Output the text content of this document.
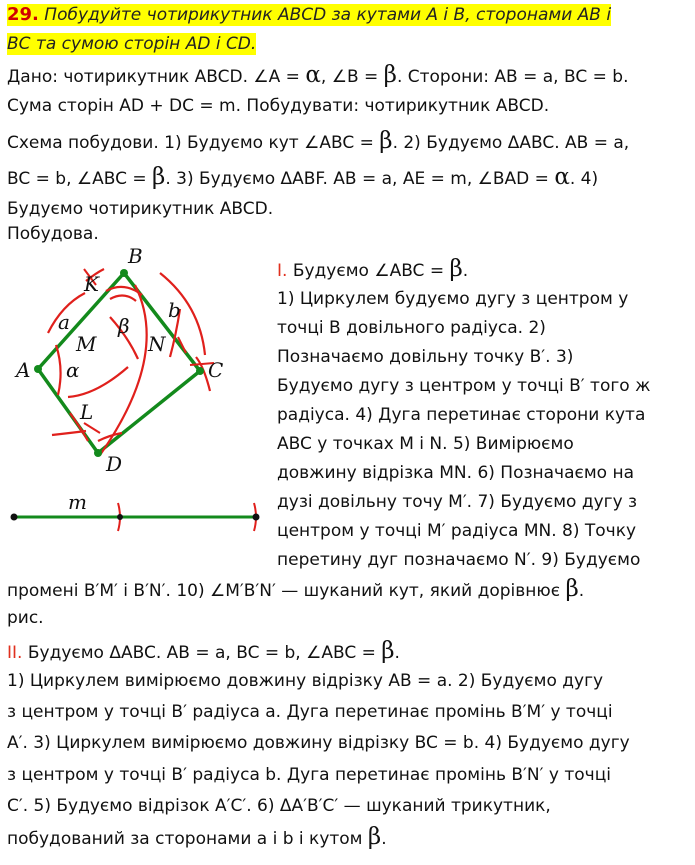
29. Побудуйте чотирикутник ABCD за кутами A і B, сторонами AB і
BC та сумою сторін AD і CD.
Дано: чотирикутник ABCD. ∠A = α, ∠B = β. Сторони: AB = a, BC = b.
Сума сторін AD + DC = m. Побудувати: чотирикутник ABCD.
Схема побудови. 1) Будуємо кут ∠ABC = β. 2) Будуємо ΔABC. AB = a,
BC = b, ∠ABC = β. 3) Будуємо ΔABF. AB = a, AE = m, ∠BAD = α. 4)
Будуємо чотирикутник ABCD.
Побудова.
B
K
a
M
β
b
N
A α	C
L
D
m
I. Будуємо ∠ABC = β.
1) Циркулем будуємо дугу з центром у
точці B довільного радіуса. 2)
Позначаємо довільну точку B′. 3)
Будуємо дугу з центром у точці B′ того ж
радіуса. 4) Дуга перетинає сторони кута
ABC у точках M і N. 5) Вимірюємо
довжину відрізка MN. 6) Позначаємо на
дузі довільну точу M′. 7) Будуємо дугу з
центром у точці M′ радіуса MN. 8) Точку
перетину дуг позначаємо N′. 9) Будуємо
промені B′M′ і B′N′. 10) ∠M′B′N′ — шуканий кут, який дорівнює β.
рис.
II. Будуємо ΔABC. AB = a, BC = b, ∠ABC = β.
1) Циркулем вимірюємо довжину відрізку AB = a. 2) Будуємо дугу
з центром у точці B′ радіуса a. Дуга перетинає промінь B′M′ у точці
A′. 3) Циркулем вимірюємо довжину відрізку BC = b. 4) Будуємо дугу
з центром у точці B′ радіуса b. Дуга перетинає промінь B′N′ у точці
C′. 5) Будуємо відрізок A′C′. 6) ΔA′B′C′ — шуканий трикутник,
побудований за сторонами a і b і кутом β.
